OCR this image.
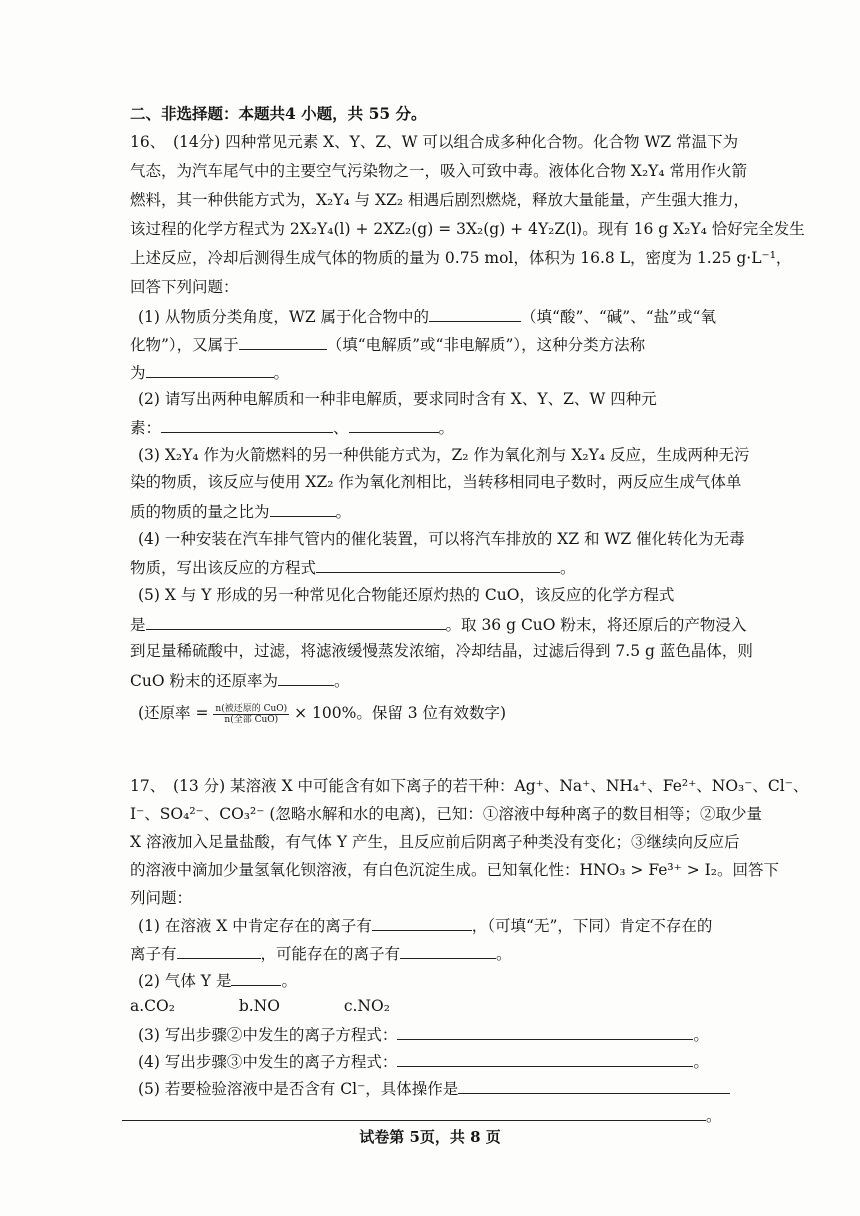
二、非选择题：本题共4 小题，共 55 分。
16、　(14分) 四种常见元素 X、Y、Z、W 可以组合成多种化合物。化合物 WZ 常温下为
气态，为汽车尾气中的主要空气污染物之一，吸入可致中毒。液体化合物 X₂Y₄ 常用作火箭
燃料，其一种供能方式为，X₂Y₄ 与 XZ₂ 相遇后剧烈燃烧，释放大量能量，产生强大推力，
该过程的化学方程式为 2X₂Y₄(l) + 2XZ₂(g) = 3X₂(g) + 4Y₂Z(l)。现有 16 g X₂Y₄ 恰好完全发生
上述反应，冷却后测得生成气体的物质的量为 0.75 mol，体积为 16.8 L，密度为 1.25 g·L⁻¹，
回答下列问题：
(1) 从物质分类角度，WZ 属于化合物中的	（填“酸”、“碱”、“盐”或“氧
化物”），又属于	（填“电解质”或“非电解质”），这种分类方法称
为	。
(2) 请写出两种电解质和一种非电解质，要求同时含有 X、Y、Z、W 四种元
素：	、	。
(3) X₂Y₄ 作为火箭燃料的另一种供能方式为，Z₂ 作为氧化剂与 X₂Y₄ 反应，生成两种无污
染的物质，该反应与使用 XZ₂ 作为氧化剂相比，当转移相同电子数时，两反应生成气体单
质的物质的量之比为	。
(4) 一种安装在汽车排气管内的催化装置，可以将汽车排放的 XZ 和 WZ 催化转化为无毒
物质，写出该反应的方程式	。
(5) X 与 Y 形成的另一种常见化合物能还原灼热的 CuO，该反应的化学方程式
是	。取 36 g CuO 粉末，将还原后的产物浸入
到足量稀硫酸中，过滤，将滤液缓慢蒸发浓缩，冷却结晶，过滤后得到 7.5 g 蓝色晶体，则
CuO 粉末的还原率为	。
(还原率 = $\frac{\text{n(被还原的 CuO)}}{\text{n(全部 CuO)}} \times 100\%$。保留 3 位有效数字)
17、　(13 分) 某溶液 X 中可能含有如下离子的若干种：Ag⁺、Na⁺、NH₄⁺、Fe²⁺、NO₃⁻、Cl⁻、
I⁻、SO₄²⁻、CO₃²⁻ (忽略水解和水的电离)，已知：①溶液中每种离子的数目相等；②取少量
X 溶液加入足量盐酸，有气体 Y 产生，且反应前后阴离子种类没有变化；③继续向反应后
的溶液中滴加少量氢氧化钡溶液，有白色沉淀生成。已知氧化性：HNO₃ > Fe³⁺ > I₂。回答下
列问题：
(1) 在溶液 X 中肯定存在的离子有	，（可填“无”，下同）肯定不存在的
离子有	，可能存在的离子有	。
(2) 气体 Y 是	。
a.CO₂	b.NO	c.NO₂
(3) 写出步骤②中发生的离子方程式：	。
(4) 写出步骤③中发生的离子方程式：	。
(5) 若要检验溶液中是否含有 Cl⁻，具体操作是
。
试卷第 5页，共 8 页
